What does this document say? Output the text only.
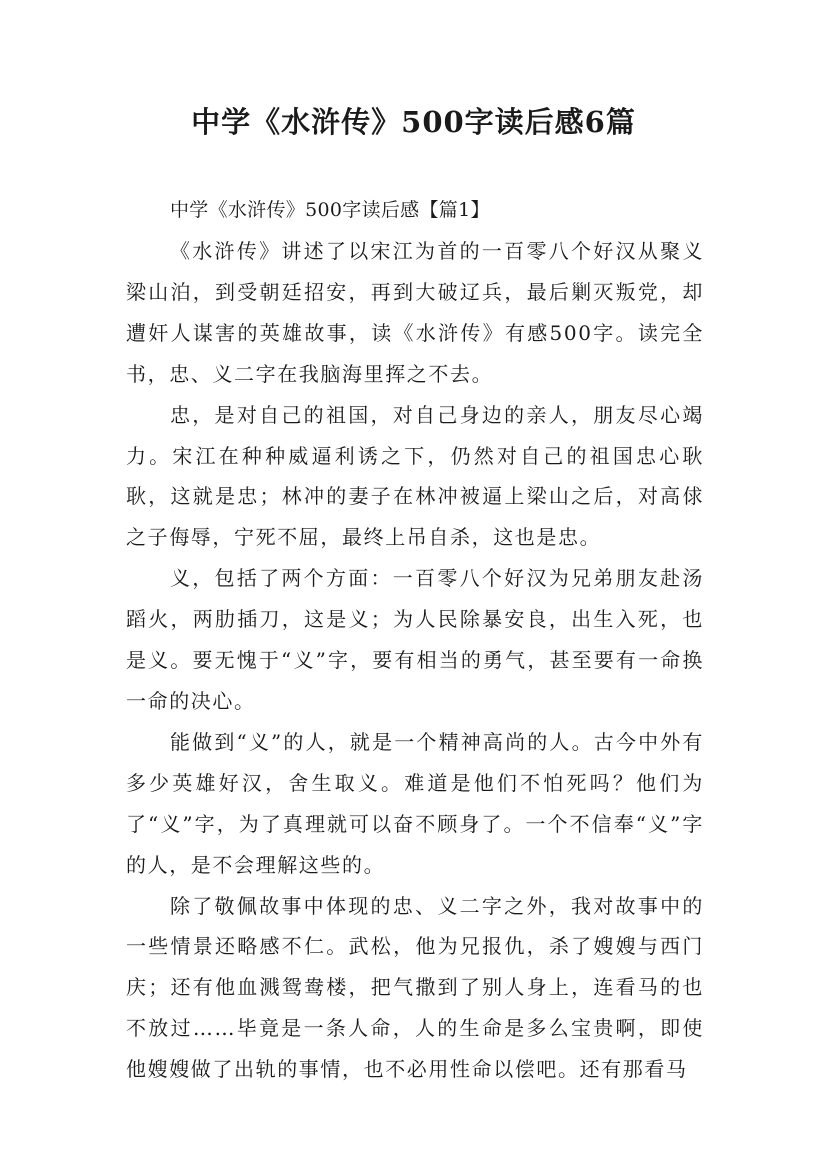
中学《水浒传》500字读后感6篇

中学《水浒传》500字读后感【篇1】

《水浒传》讲述了以宋江为首的一百零八个好汉从聚义梁山泊，到受朝廷招安，再到大破辽兵，最后剿灭叛党，却遭奸人谋害的英雄故事，读《水浒传》有感500字。读完全书，忠、义二字在我脑海里挥之不去。

忠，是对自己的祖国，对自己身边的亲人，朋友尽心竭力。宋江在种种威逼利诱之下，仍然对自己的祖国忠心耿耿，这就是忠；林冲的妻子在林冲被逼上梁山之后，对高俅之子侮辱，宁死不屈，最终上吊自杀，这也是忠。

义，包括了两个方面：一百零八个好汉为兄弟朋友赴汤蹈火，两肋插刀，这是义；为人民除暴安良，出生入死，也是义。要无愧于“义”字，要有相当的勇气，甚至要有一命换一命的决心。

能做到“义”的人，就是一个精神高尚的人。古今中外有多少英雄好汉，舍生取义。难道是他们不怕死吗？他们为了“义”字，为了真理就可以奋不顾身了。一个不信奉“义”字的人，是不会理解这些的。

除了敬佩故事中体现的忠、义二字之外，我对故事中的一些情景还略感不仁。武松，他为兄报仇，杀了嫂嫂与西门庆；还有他血溅鸳鸯楼，把气撒到了别人身上，连看马的也不放过……毕竟是一条人命，人的生命是多么宝贵啊，即使他嫂嫂做了出轨的事情，也不必用性命以偿吧。还有那看马
